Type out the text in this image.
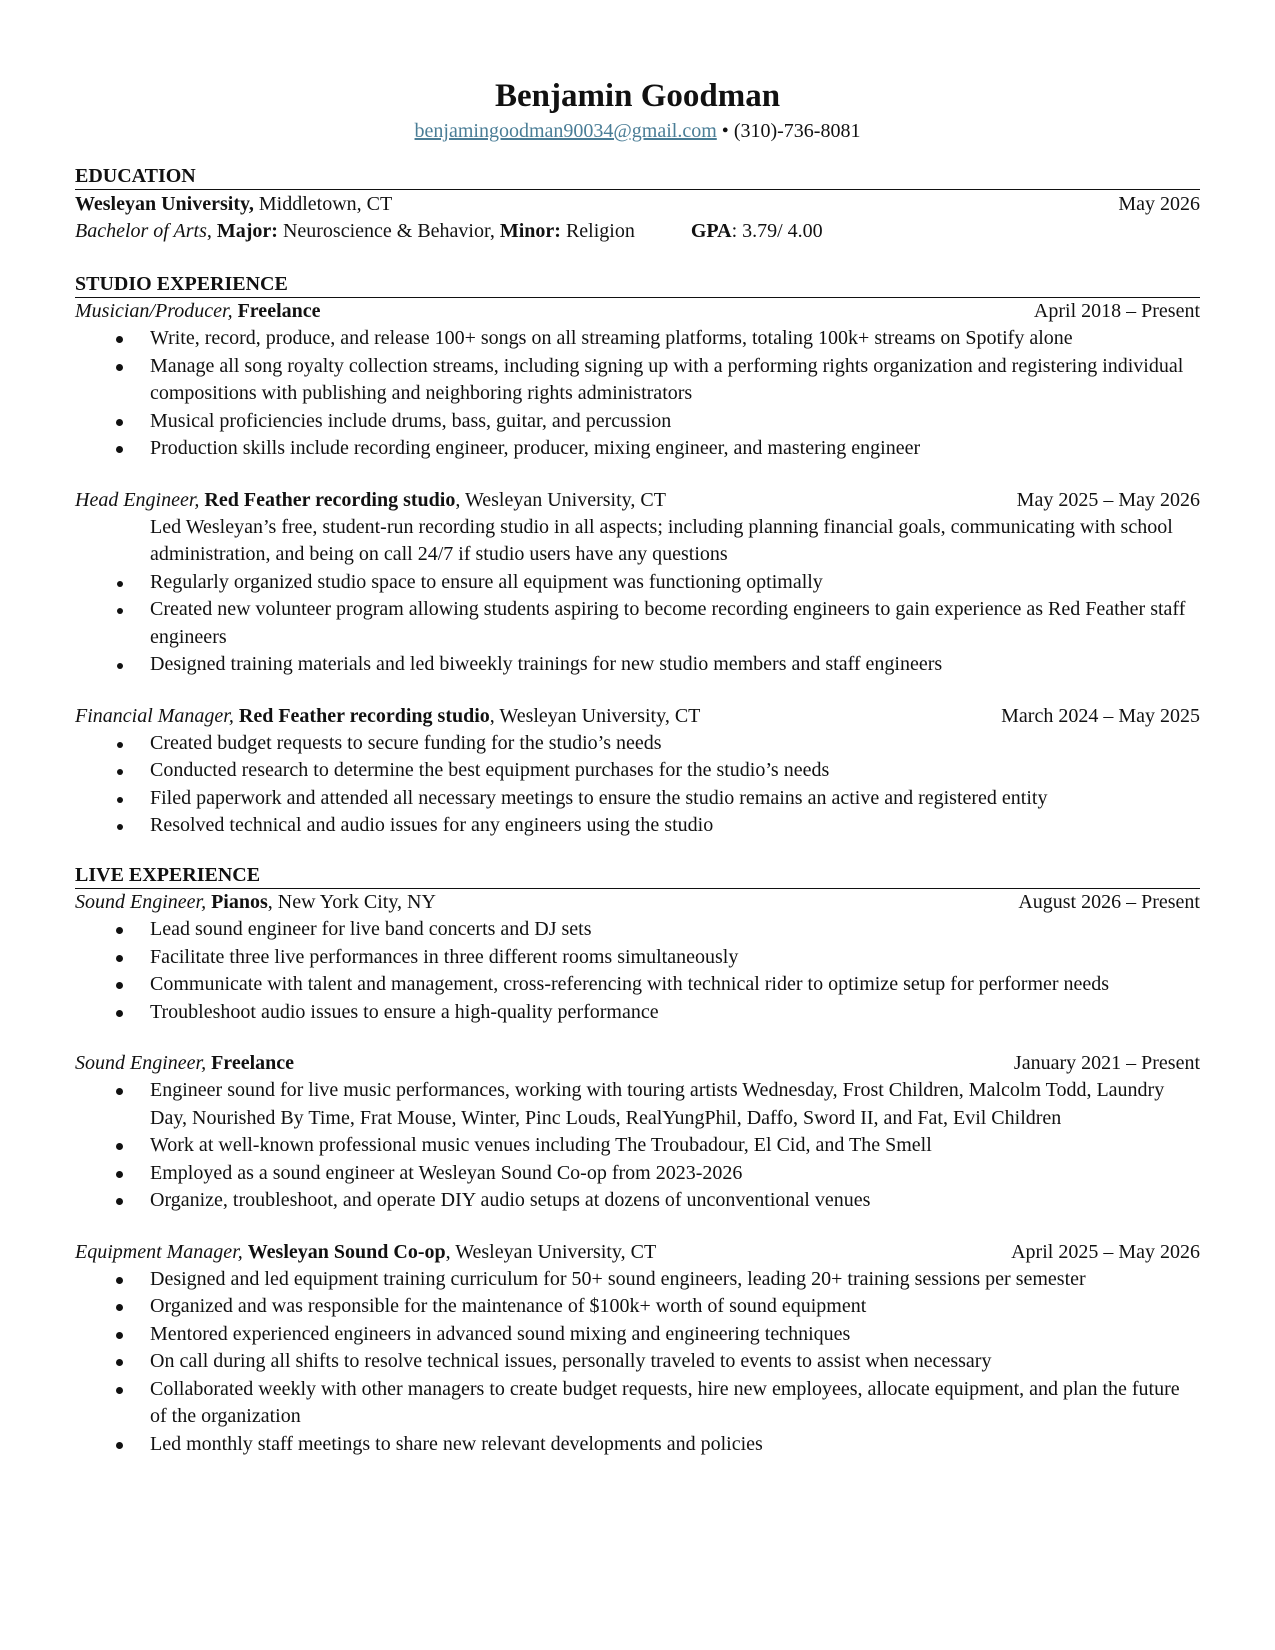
Benjamin Goodman
benjamingoodman90034@gmail.com • (310)-736-8081
EDUCATION
Wesleyan University, Middletown, CT	May 2026
Bachelor of Arts, Major: Neuroscience & Behavior, Minor: Religion	GPA: 3.79/ 4.00
STUDIO EXPERIENCE
Musician/Producer, Freelance	April 2018 – Present
Write, record, produce, and release 100+ songs on all streaming platforms, totaling 100k+ streams on Spotify alone
Manage all song royalty collection streams, including signing up with a performing rights organization and registering individual compositions with publishing and neighboring rights administrators
Musical proficiencies include drums, bass, guitar, and percussion
Production skills include recording engineer, producer, mixing engineer, and mastering engineer
Head Engineer, Red Feather recording studio, Wesleyan University, CT	May 2025 – May 2026
Led Wesleyan’s free, student-run recording studio in all aspects; including planning financial goals, communicating with school administration, and being on call 24/7 if studio users have any questions
Regularly organized studio space to ensure all equipment was functioning optimally
Created new volunteer program allowing students aspiring to become recording engineers to gain experience as Red Feather staff engineers
Designed training materials and led biweekly trainings for new studio members and staff engineers
Financial Manager, Red Feather recording studio, Wesleyan University, CT	March 2024 – May 2025
Created budget requests to secure funding for the studio’s needs
Conducted research to determine the best equipment purchases for the studio’s needs
Filed paperwork and attended all necessary meetings to ensure the studio remains an active and registered entity
Resolved technical and audio issues for any engineers using the studio
LIVE EXPERIENCE
Sound Engineer, Pianos, New York City, NY	August 2026 – Present
Lead sound engineer for live band concerts and DJ sets
Facilitate three live performances in three different rooms simultaneously
Communicate with talent and management, cross-referencing with technical rider to optimize setup for performer needs
Troubleshoot audio issues to ensure a high-quality performance
Sound Engineer, Freelance	January 2021 – Present
Engineer sound for live music performances, working with touring artists Wednesday, Frost Children, Malcolm Todd, Laundry Day, Nourished By Time, Frat Mouse, Winter, Pinc Louds, RealYungPhil, Daffo, Sword II, and Fat, Evil Children
Work at well-known professional music venues including The Troubadour, El Cid, and The Smell
Employed as a sound engineer at Wesleyan Sound Co-op from 2023-2026
Organize, troubleshoot, and operate DIY audio setups at dozens of unconventional venues
Equipment Manager, Wesleyan Sound Co-op, Wesleyan University, CT	April 2025 – May 2026
Designed and led equipment training curriculum for 50+ sound engineers, leading 20+ training sessions per semester
Organized and was responsible for the maintenance of $100k+ worth of sound equipment
Mentored experienced engineers in advanced sound mixing and engineering techniques
On call during all shifts to resolve technical issues, personally traveled to events to assist when necessary
Collaborated weekly with other managers to create budget requests, hire new employees, allocate equipment, and plan the future of the organization
Led monthly staff meetings to share new relevant developments and policies
